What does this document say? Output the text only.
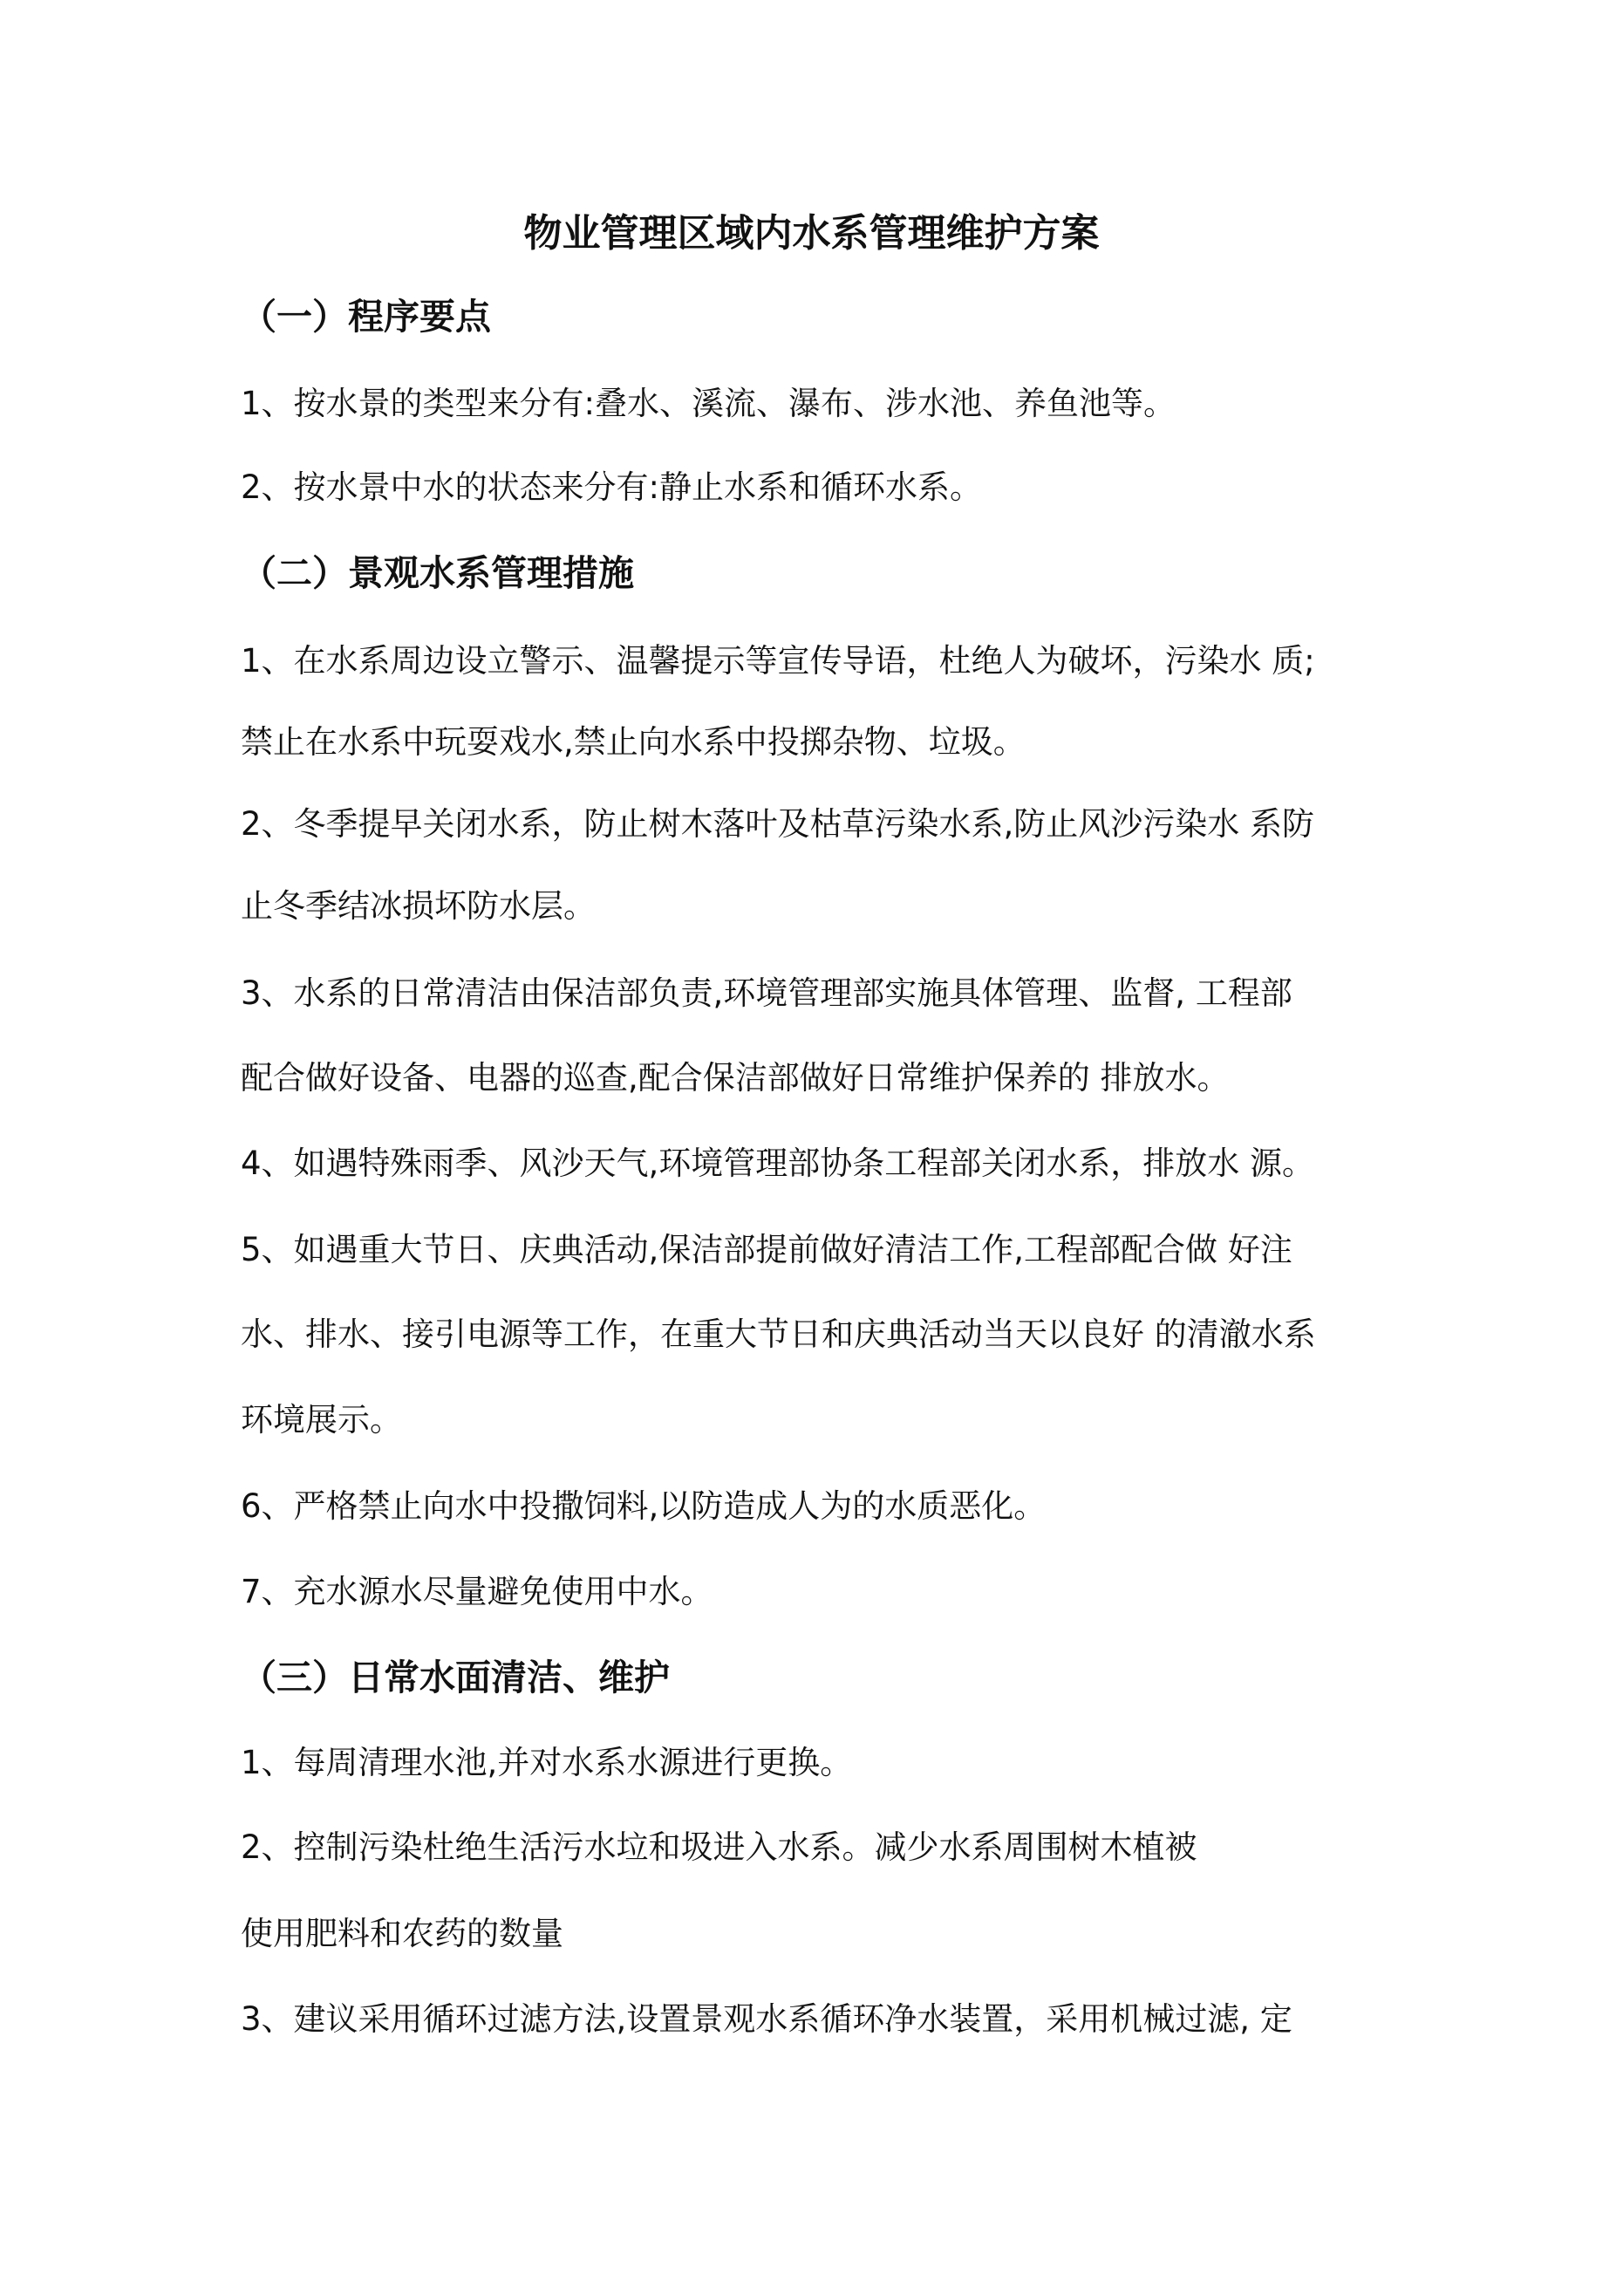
物业管理区域内水系管理维护方案
（一）程序要点

1、按水景的类型来分有:叠水、溪流、瀑布、涉水池、养鱼池等。

2、按水景中水的状态来分有:静止水系和循环水系。

（二）景观水系管理措施

1、在水系周边设立警示、温馨提示等宣传导语，杜绝人为破坏，污染水 质;

禁止在水系中玩耍戏水,禁止向水系中投掷杂物、垃圾。

2、冬季提早关闭水系，防止树木落叶及枯草污染水系,防止风沙污染水 系防

止冬季结冰损坏防水层。

3、水系的日常清洁由保洁部负责,环境管理部实施具体管理、监督, 工程部

配合做好设备、电器的巡查,配合保洁部做好日常维护保养的 排放水。

4、如遇特殊雨季、风沙天气,环境管理部协条工程部关闭水系，排放水 源。

5、如遇重大节日、庆典活动,保洁部提前做好清洁工作,工程部配合做 好注

水、排水、接引电源等工作，在重大节日和庆典活动当天以良好 的清澈水系

环境展示。

6、严格禁止向水中投撒饲料,以防造成人为的水质恶化。

7、充水源水尽量避免使用中水。

（三）日常水面清洁、维护

1、每周清理水池,并对水系水源进行更换。

2、控制污染杜绝生活污水垃和圾进入水系。减少水系周围树木植被

使用肥料和农药的数量

3、建议采用循环过滤方法,设置景观水系循环净水装置，采用机械过滤, 定
